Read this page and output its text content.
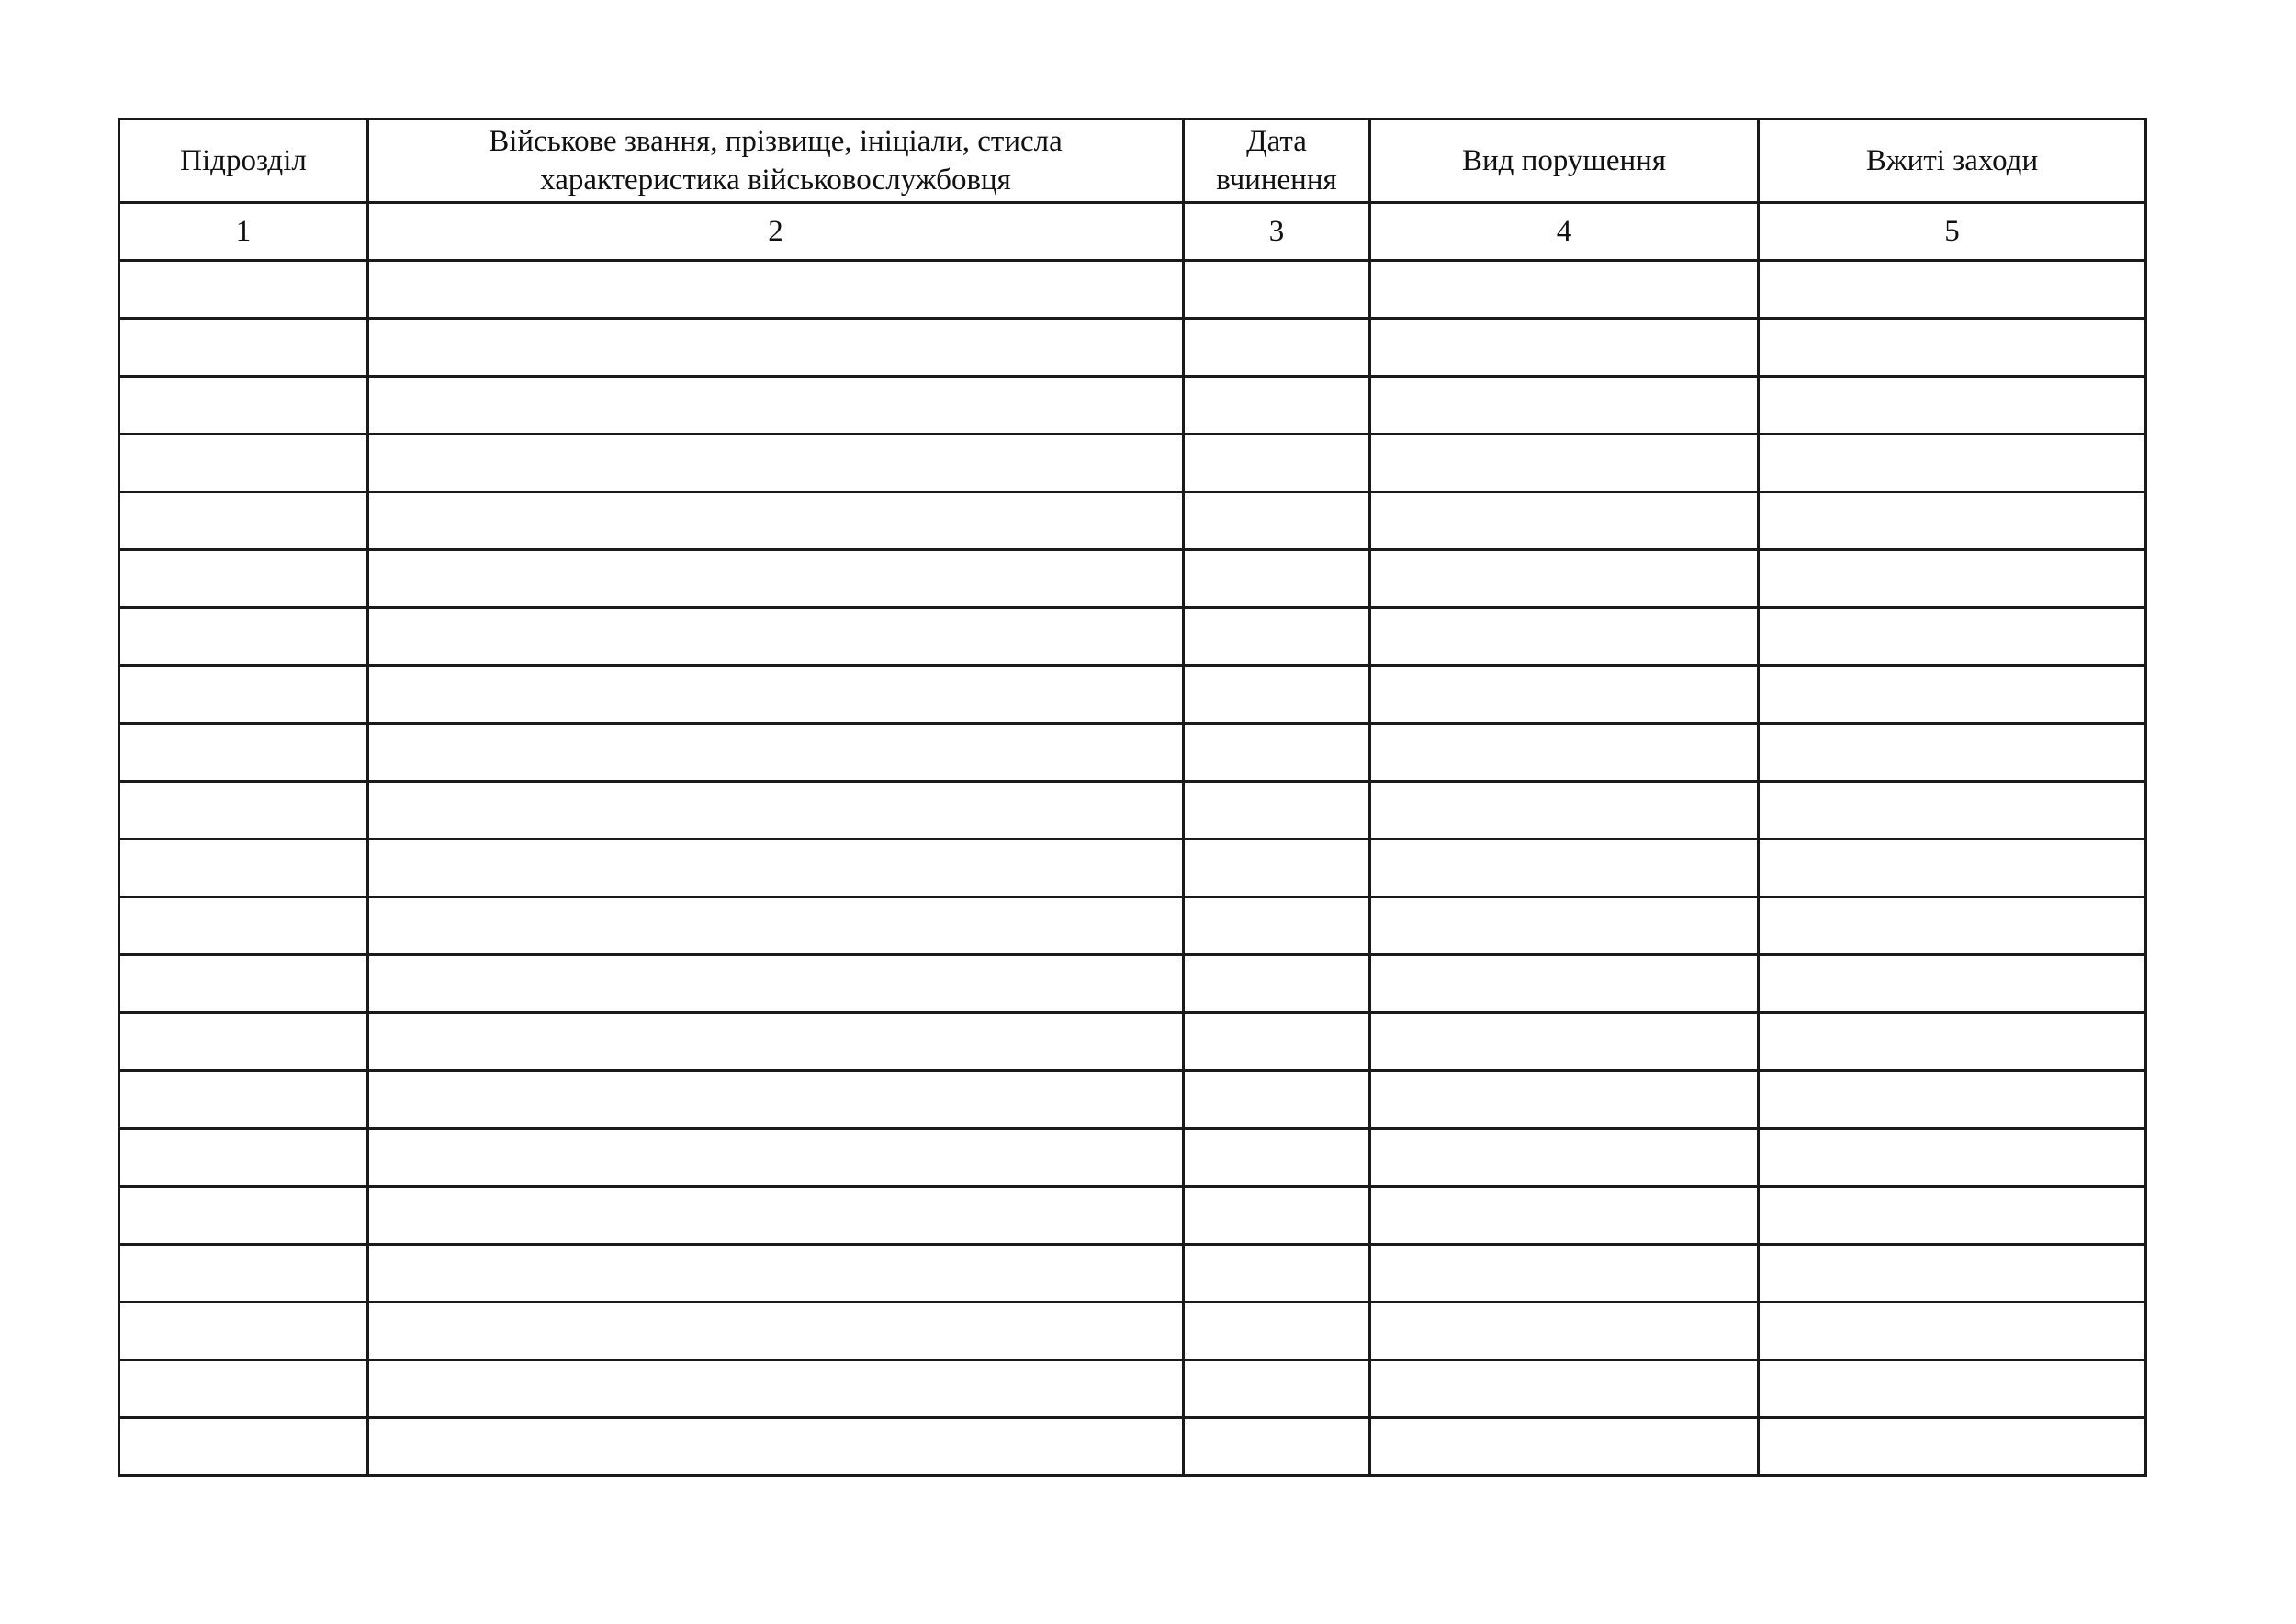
Підрозділ	Військове звання, прізвище, ініціали, стисла характеристика військовослужбовця	Дата вчинення	Вид порушення	Вжиті заходи
1	2	3	4	5
